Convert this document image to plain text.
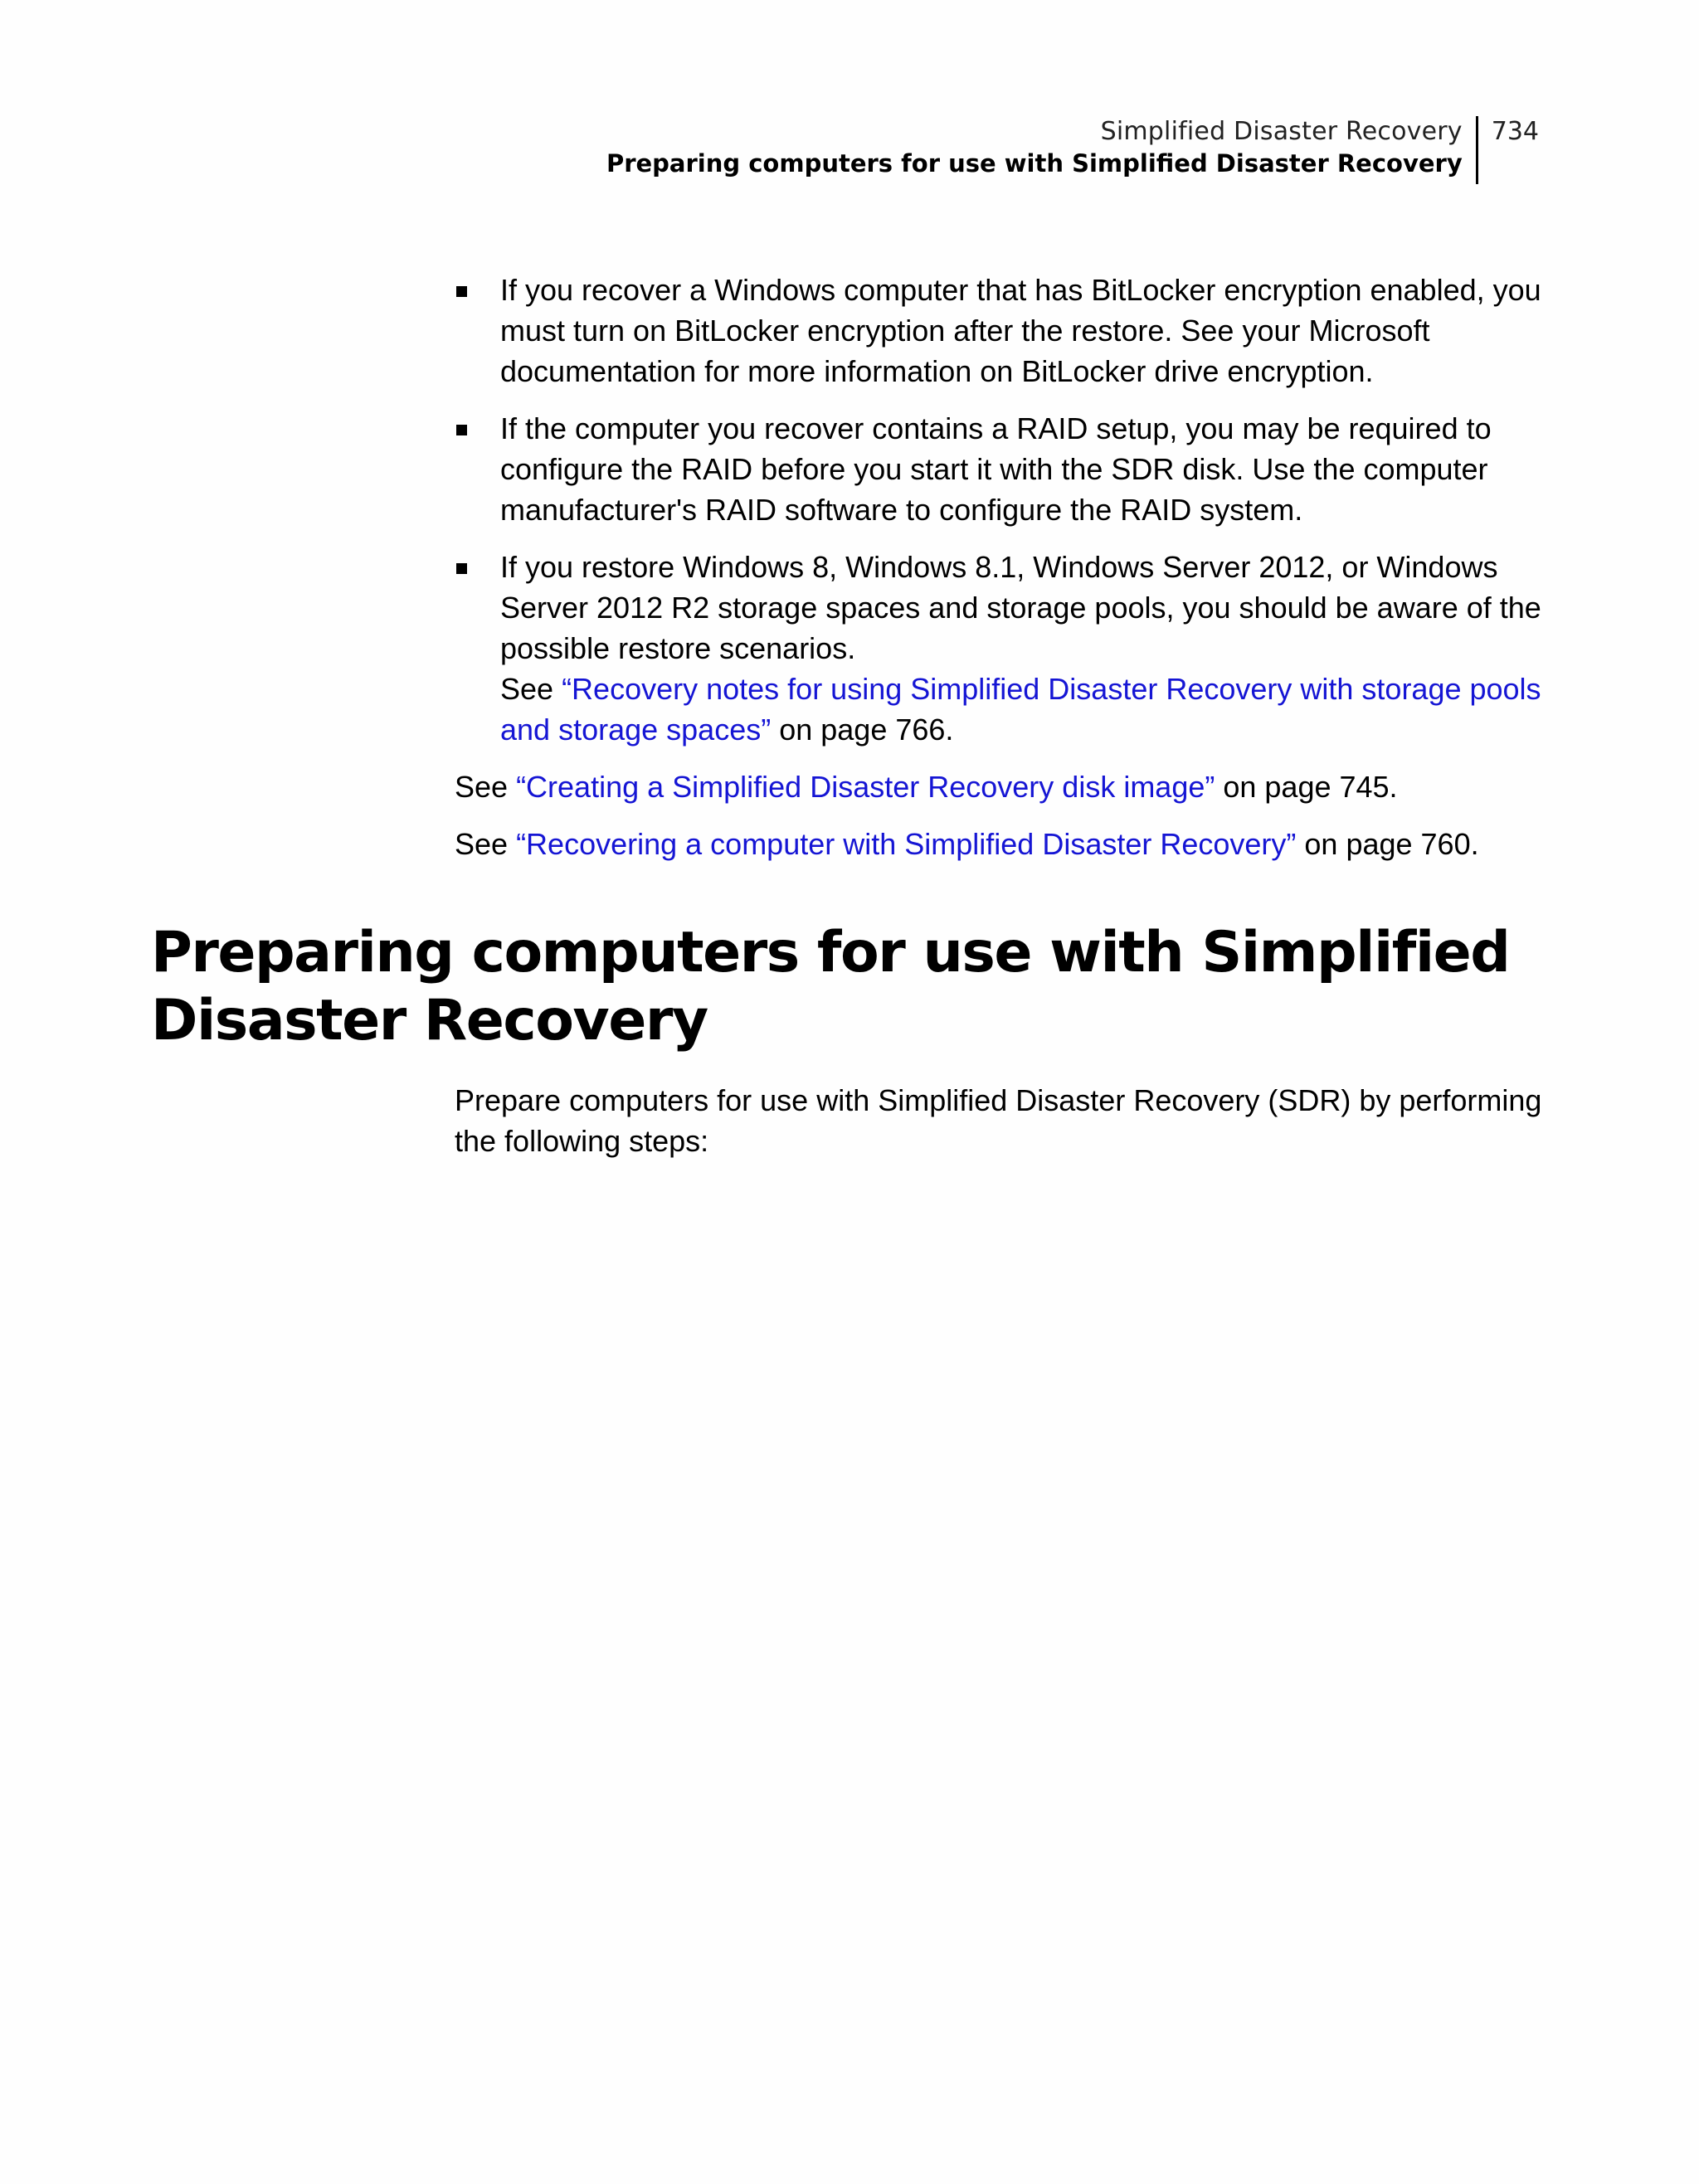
Simplified Disaster Recovery
Preparing computers for use with Simplified Disaster Recovery
734

If you recover a Windows computer that has BitLocker encryption enabled, you must turn on BitLocker encryption after the restore. See your Microsoft documentation for more information on BitLocker drive encryption.

If the computer you recover contains a RAID setup, you may be required to configure the RAID before you start it with the SDR disk. Use the computer manufacturer's RAID software to configure the RAID system.

If you restore Windows 8, Windows 8.1, Windows Server 2012, or Windows Server 2012 R2 storage spaces and storage pools, you should be aware of the possible restore scenarios.

See “Recovery notes for using Simplified Disaster Recovery with storage pools and storage spaces” on page 766.

See “Creating a Simplified Disaster Recovery disk image” on page 745.

See “Recovering a computer with Simplified Disaster Recovery” on page 760.

Preparing computers for use with Simplified Disaster Recovery

Prepare computers for use with Simplified Disaster Recovery (SDR) by performing the following steps:
